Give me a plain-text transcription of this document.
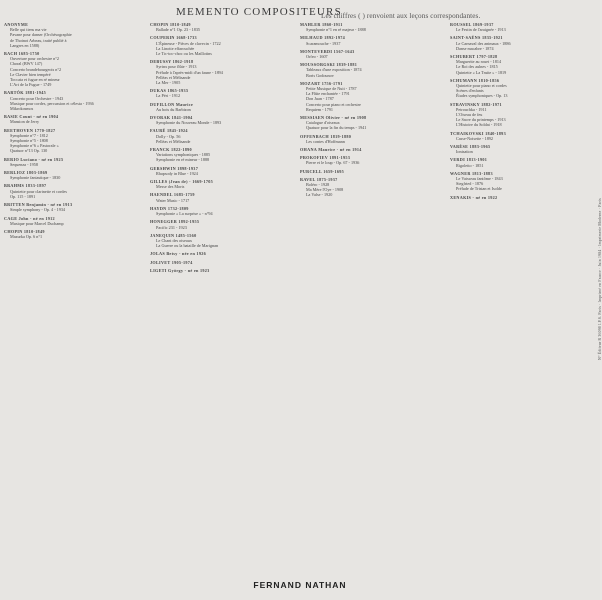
MEMENTO COMPOSITEURS
Les chiffres ( ) renvoient aux leçons correspondantes.
ANONYME
Belle qui tiens ma vie
Pavane pour danser (Orchésographie
de Thoinot Arbeau, traité publié à
Langres en 1588)
BACH 1685-1750
Ouverture pour orchestre n°2
Choral (BWV 147)
Concerto brandebourgeois n°2
Le Clavier bien tempéré
Toccata et fugue en ré mineur
L'Art de la Fugue - 1749
BARTÓK 1881-1945
Concerto pour Orchestre - 1943
Musique pour cordes, percussion et célesta - 1936
Mikrokosmos
BASIE Count - né en 1904
Mansion de Jerry
BEETHOVEN 1770-1827
Symphonie n°7 - 1812
Symphonie n°5 - 1808
Symphonie n°6 « Pastorale »
Quatuor n°13 Op. 130
BERIO Luciano - né en 1925
Sequenza - 1958
BERLIOZ 1803-1869
Symphonie fantastique - 1830
BRAHMS 1833-1897
Quintette pour clarinette et cordes
Op. 115 - 1891
BRITTEN Benjamin - né en 1913
Simple symphony - Op. 4 - 1934
CAGE John - né en 1912
Musique pour Marcel Duchamp
CHOPIN 1810-1849
Mazurka Op. 6 n°1
CHOPIN 1810-1849
Ballade n°1 Op. 23 - 1835
COUPERIN 1668-1733
L'Épineuse - Pièces de clavecin - 1722
La Linotte effarouchée
Le Tic-toc-choc ou les Maillotins
DEBUSSY 1862-1918
Syrinx pour flûte - 1913
Prélude à l'après-midi d'un faune - 1894
Pelléas et Mélisande
La Mer - 1905
DUKAS 1865-1935
La Péri - 1912
DUFILLON Maurice
Au bois du Barbizon
DVORAK 1841-1904
Symphonie du Nouveau Monde - 1893
FAURÉ 1845-1924
Dolly - Op. 56
Pelléas et Mélisande
FRANCK 1822-1890
Variations symphoniques - 1885
Symphonie en ré mineur - 1888
GERSHWIN 1898-1937
Rhapsody in Blue - 1924
GILLES (Jean de) - 1669-1705
Messe des Morts
HAENDEL 1685-1759
Water Music - 1717
HAYDN 1732-1809
Symphonie « La surprise » - n°94
HONEGGER 1892-1955
Pacific 231 - 1923
JANEQUIN 1485-1560
Le Chant des oiseaux
La Guerre ou la bataille de Marignan
JOLAS Betsy - née en 1926
JOLIVET 1905-1974
LIGETI György - né en 1923
MAHLER 1860-1911
Symphonie n°1 en ré majeur - 1888
MILHAUD 1892-1974
Scaramouche - 1937
MONTEVERDI 1567-1643
Orfeo - 1607
MOUSSORGSKI 1839-1881
Tableaux d'une exposition - 1874
Boris Godounov
MOZART 1756-1791
Petite Musique de Nuit - 1787
La Flûte enchantée - 1791
Don Juan - 1787
Concerto pour piano et orchestre
Requiem - 1791
MESSIAEN Olivier - né en 1908
Catalogue d'oiseaux
Quatuor pour la fin du temps - 1941
OFFENBACH 1819-1880
Les contes d'Hoffmann
OHANA Maurice - né en 1914
PROKOFIEV 1891-1953
Pierre et le loup - Op. 67 - 1936
PURCELL 1659-1695
RAVEL 1875-1937
Boléro - 1928
Ma Mère l'Oye - 1908
La Valse - 1920
ROUSSEL 1869-1937
Le Festin de l'araignée - 1913
SAINT-SAËNS 1835-1921
Le Carnaval des animaux - 1886
Danse macabre - 1874
SCHUBERT 1797-1828
Marguerite au rouet - 1814
Le Roi des aulnes - 1815
Quintette « La Truite » - 1819
SCHUMANN 1810-1856
Quintette pour piano et cordes
Scènes d'enfants
Études symphoniques - Op. 13
STRAVINSKY 1882-1971
Petrouchka - 1911
L'Oiseau de feu
Le Sacre du printemps - 1913
L'Histoire du Soldat - 1918
TCHAIKOVSKI 1840-1893
Casse-Noisette - 1892
VARÈSE 1883-1965
Ionisation
VERDI 1813-1901
Rigoletto - 1851
WAGNER 1813-1883
Le Vaisseau fantôme - 1843
Siegfried - 1876
Prélude de Tristan et Isolde
XENAKIS - né en 1922
FERNAND NATHAN
N° Éditeur R 36098 I.P.S. Paris · Imprimé en France · Juin 1984 · Imprimerie Moderne · Paris
